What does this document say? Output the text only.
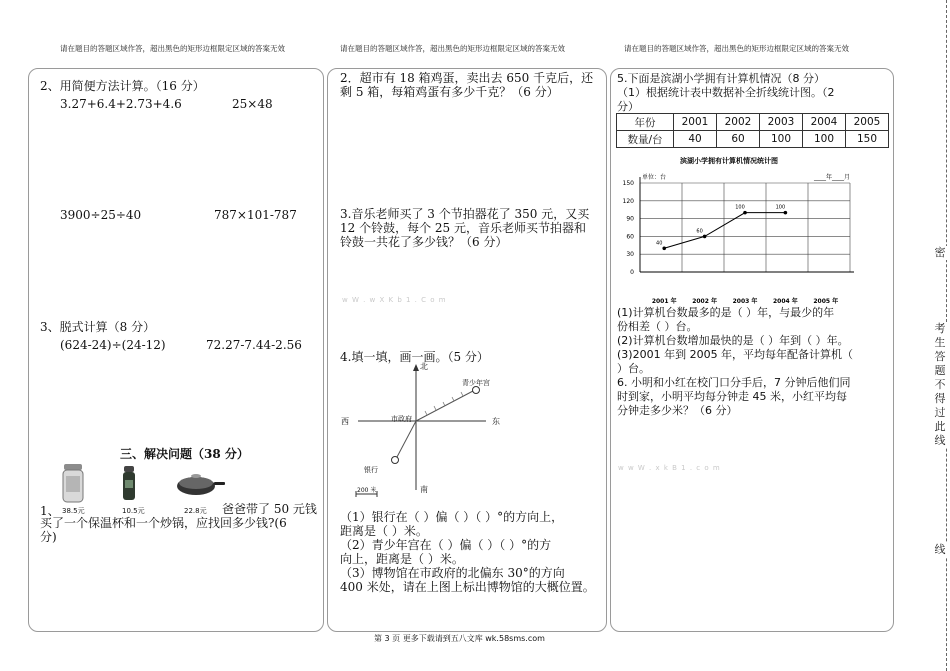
请在题目的答题区域作答，超出黑色的矩形边框限定区域的答案无效
2、用简便方法计算。（16 分）
3.27+6.4+2.73+4.6	25×48
3900÷25÷40	787×101-787
3、脱式计算（8 分）
(624-24)÷(24-12)	72.27-7.44-2.56
三、解决问题（38 分）
38.5元	10.5元	22.8元
1、	爸爸带了 50 元钱
买了一个保温杯和一个炒锅，应找回多少钱?(6
分)
请在题目的答题区域作答，超出黑色的矩形边框限定区域的答案无效
2．超市有 18 箱鸡蛋，卖出去 650 千克后，还
剩 5 箱，每箱鸡蛋有多少千克？（6 分）
3.音乐老师买了 3 个节拍器花了 350 元，又买
12 个铃鼓，每个 25 元，音乐老师买节拍器和
铃鼓一共花了多少钱？（6 分）
w W . w X K b 1 . C o m
4.填一填，画一画。（5 分）
北
南
西	东
市政府
青少年宫
银行
200 米
（1）银行在（ ）偏（ ）（ ）°的方向上，
距离是（ ）米。
（2）青少年宫在（ ）偏（ ）（ ）°的方
向上，距离是（ ）米。
（3）博物馆在市政府的北偏东 30°的方向
400 米处，请在上图上标出博物馆的大概位置。
请在题目的答题区域作答，超出黑色的矩形边框限定区域的答案无效
5.下面是滨湖小学拥有计算机情况（8 分）
（1）根据统计表中数据补全折线统计图。（2
分）
年份	2001	2002	2003	2004	2005
数量/台	40	60	100	100	150
滨湖小学拥有计算机情况统计图
单位：台	____年____月
0
30
60
90
120
150
2001 年	2002 年	2003 年	2004 年	2005 年
40
60
100	100
(1)计算机台数最多的是（ ）年，与最少的年
份相差（ ）台。
(2)计算机台数增加最快的是（ ）年到（ ）年。
(3)2001 年到 2005 年，平均每年配备计算机（
）台。
6. 小明和小红在校门口分手后，7 分钟后他们同
时到家，小明平均每分钟走 45 米，小红平均每
分钟走多少米？（6 分）
w w W . x k B 1 . c o m
密
考生答题不得过此线
线
第 3 页 更多下载请到五八文库 wk.58sms.com
